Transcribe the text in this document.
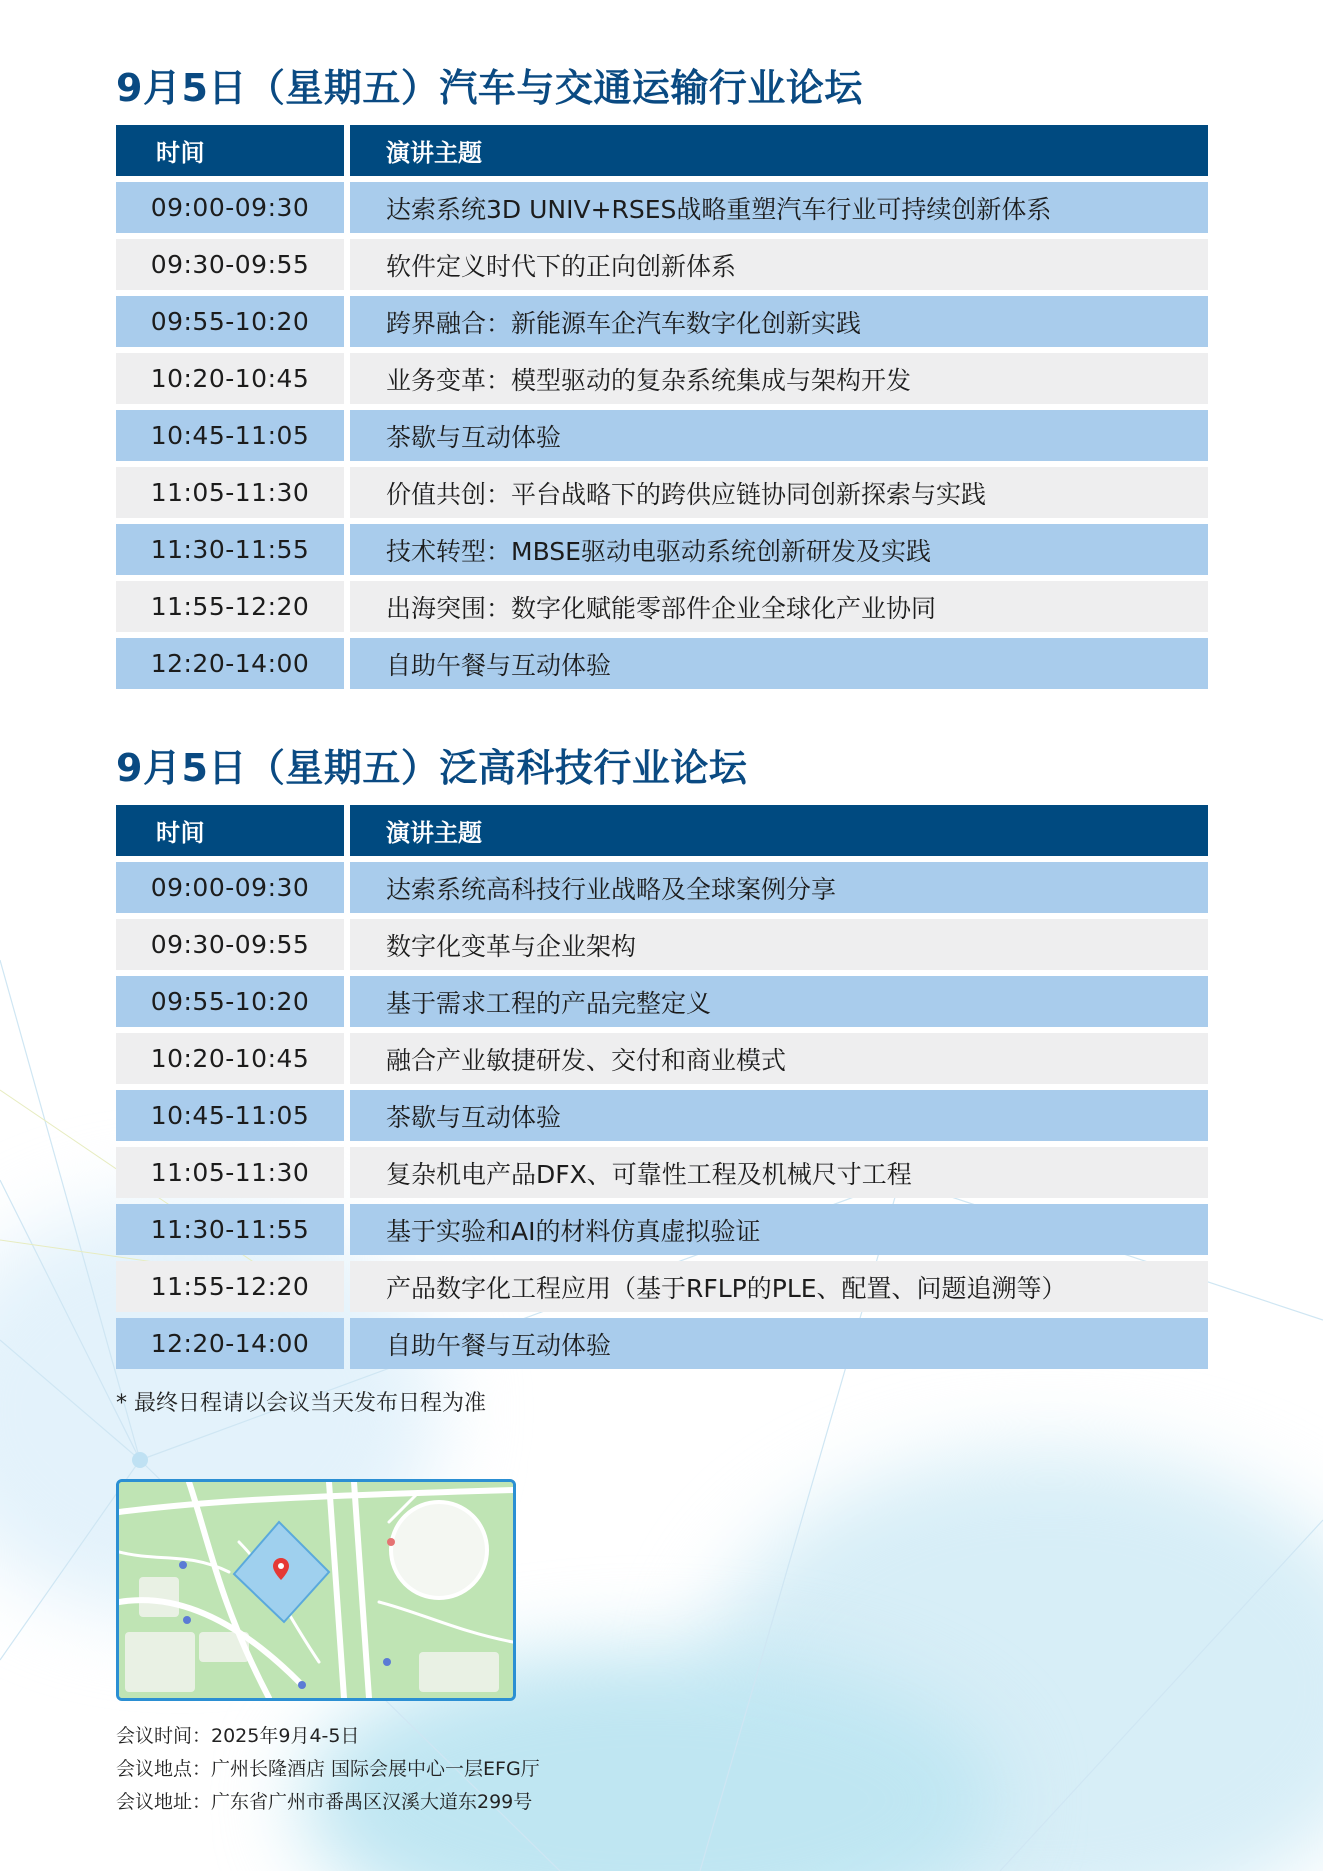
9月5日（星期五）汽车与交通运输行业论坛
时间	演讲主题
09:00-09:30	达索系统3D UNIV+RSES战略重塑汽车行业可持续创新体系
09:30-09:55	软件定义时代下的正向创新体系
09:55-10:20	跨界融合：新能源车企汽车数字化创新实践
10:20-10:45	业务变革：模型驱动的复杂系统集成与架构开发
10:45-11:05	茶歇与互动体验
11:05-11:30	价值共创：平台战略下的跨供应链协同创新探索与实践
11:30-11:55	技术转型：MBSE驱动电驱动系统创新研发及实践
11:55-12:20	出海突围：数字化赋能零部件企业全球化产业协同
12:20-14:00	自助午餐与互动体验
9月5日（星期五）泛高科技行业论坛
时间	演讲主题
09:00-09:30	达索系统高科技行业战略及全球案例分享
09:30-09:55	数字化变革与企业架构
09:55-10:20	基于需求工程的产品完整定义
10:20-10:45	融合产业敏捷研发、交付和商业模式
10:45-11:05	茶歇与互动体验
11:05-11:30	复杂机电产品DFX、可靠性工程及机械尺寸工程
11:30-11:55	基于实验和AI的材料仿真虚拟验证
11:55-12:20	产品数字化工程应用（基于RFLP的PLE、配置、问题追溯等）
12:20-14:00	自助午餐与互动体验
* 最终日程请以会议当天发布日程为准
会议时间：2025年9月4-5日
会议地点：广州长隆酒店 国际会展中心一层EFG厅
会议地址：广东省广州市番禺区汉溪大道东299号
